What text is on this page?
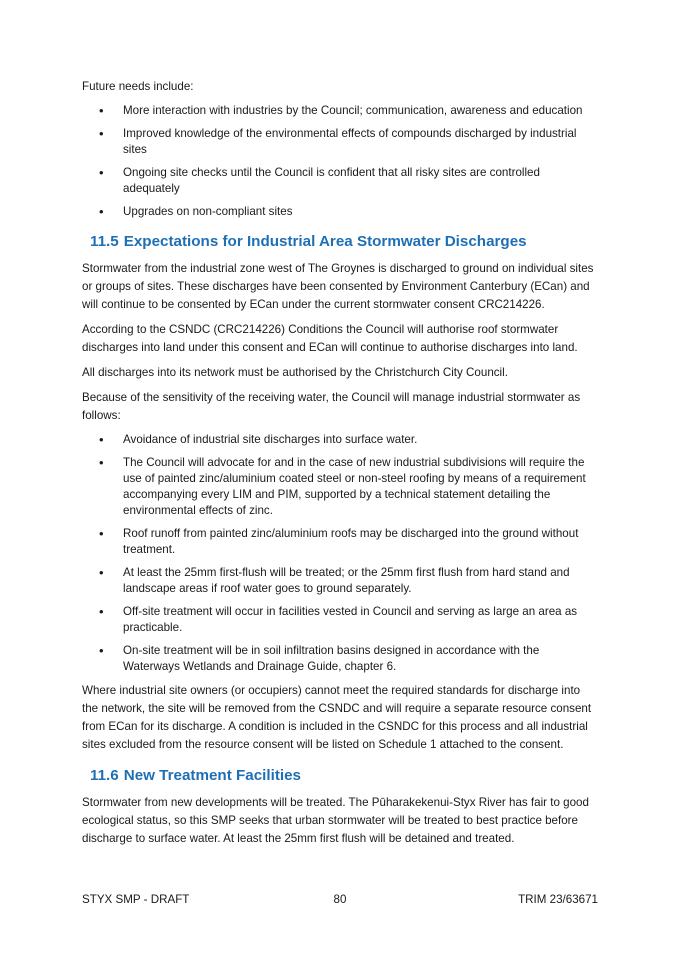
Future needs include:

• More interaction with industries by the Council; communication, awareness and education
• Improved knowledge of the environmental effects of compounds discharged by industrial sites
• Ongoing site checks until the Council is confident that all risky sites are controlled adequately
• Upgrades on non-compliant sites
11.5 Expectations for Industrial Area Stormwater Discharges

Stormwater from the industrial zone west of The Groynes is discharged to ground on individual sites or groups of sites. These discharges have been consented by Environment Canterbury (ECan) and will continue to be consented by ECan under the current stormwater consent CRC214226.

According to the CSNDC (CRC214226) Conditions the Council will authorise roof stormwater discharges into land under this consent and ECan will continue to authorise discharges into land.

All discharges into its network must be authorised by the Christchurch City Council.

Because of the sensitivity of the receiving water, the Council will manage industrial stormwater as follows:

• Avoidance of industrial site discharges into surface water.
• The Council will advocate for and in the case of new industrial subdivisions will require the use of painted zinc/aluminium coated steel or non-steel roofing by means of a requirement accompanying every LIM and PIM, supported by a technical statement detailing the environmental effects of zinc.
• Roof runoff from painted zinc/aluminium roofs may be discharged into the ground without treatment.
• At least the 25mm first-flush will be treated; or the 25mm first flush from hard stand and landscape areas if roof water goes to ground separately.
• Off-site treatment will occur in facilities vested in Council and serving as large an area as practicable.
• On-site treatment will be in soil infiltration basins designed in accordance with the Waterways Wetlands and Drainage Guide, chapter 6.

Where industrial site owners (or occupiers) cannot meet the required standards for discharge into the network, the site will be removed from the CSNDC and will require a separate resource consent from ECan for its discharge. A condition is included in the CSNDC for this process and all industrial sites excluded from the resource consent will be listed on Schedule 1 attached to the consent.

11.6 New Treatment Facilities

Stormwater from new developments will be treated. The Pūharakekenui-Styx River has fair to good ecological status, so this SMP seeks that urban stormwater will be treated to best practice before discharge to surface water. At least the 25mm first flush will be detained and treated.

STYX SMP - DRAFT	80	TRIM 23/63671
